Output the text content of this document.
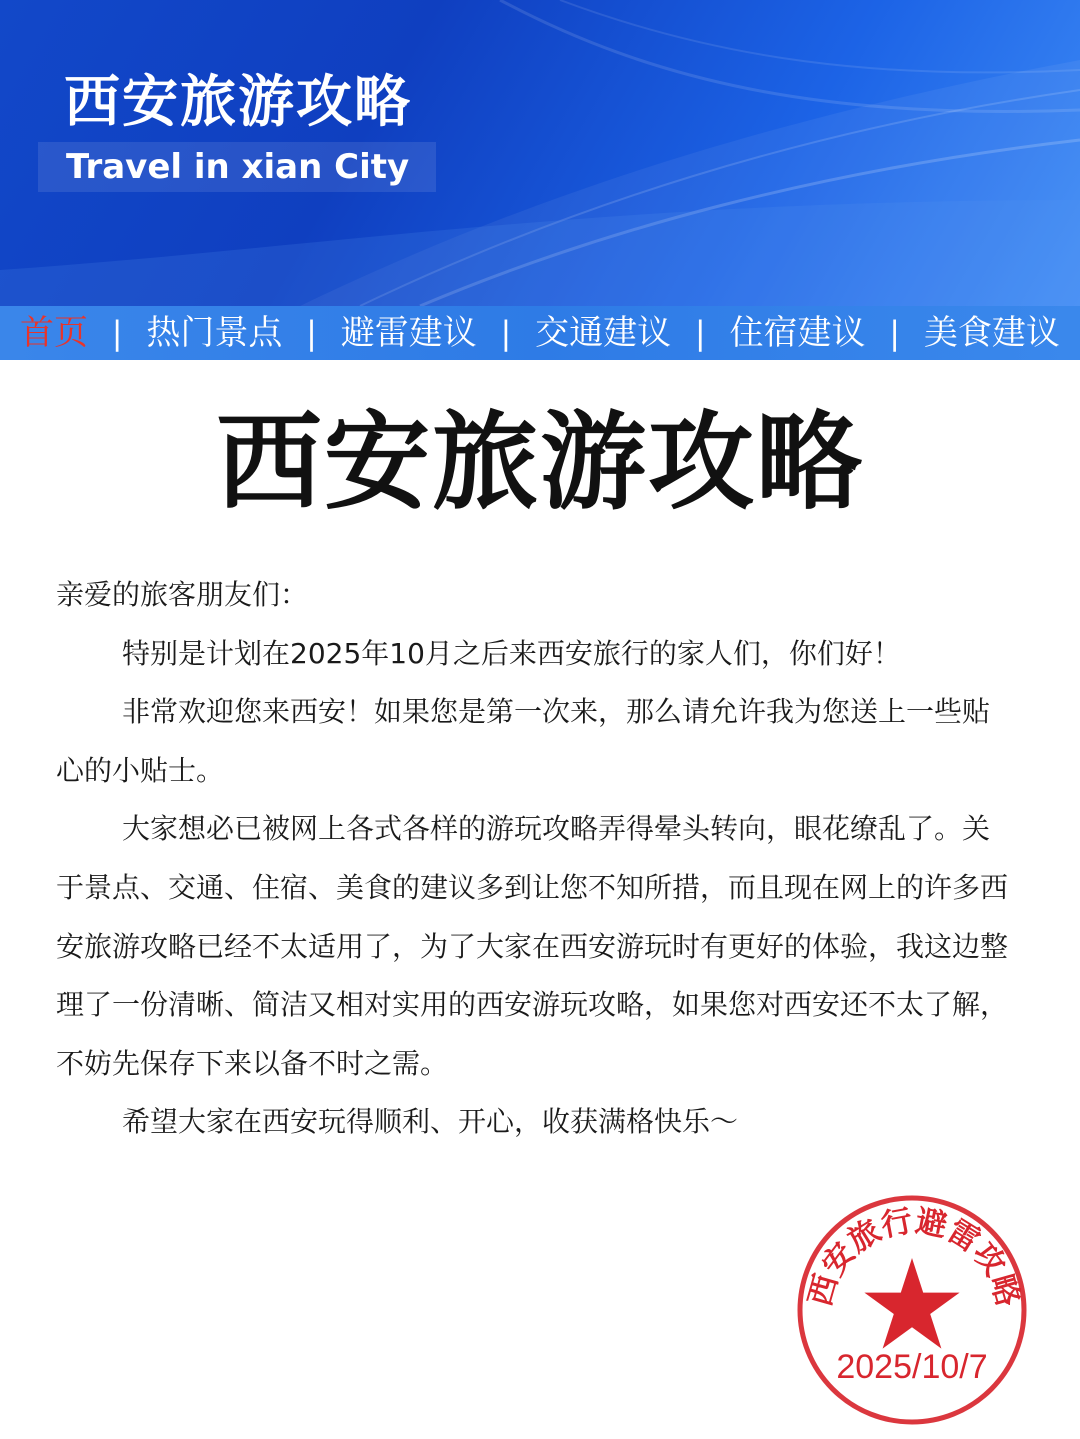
西安旅游攻略
Travel in xian City
首页 | 热门景点 | 避雷建议 | 交通建议 | 住宿建议 | 美食建议
西安旅游攻略

亲爱的旅客朋友们：

特别是计划在2025年10月之后来西安旅行的家人们，你们好！

非常欢迎您来西安！如果您是第一次来，那么请允许我为您送上一些贴心的小贴士。

大家想必已被网上各式各样的游玩攻略弄得晕头转向，眼花缭乱了。关于景点、交通、住宿、美食的建议多到让您不知所措，而且现在网上的许多西安旅游攻略已经不太适用了，为了大家在西安游玩时有更好的体验，我这边整理了一份清晰、简洁又相对实用的西安游玩攻略，如果您对西安还不太了解，不妨先保存下来以备不时之需。

希望大家在西安玩得顺利、开心，收获满格快乐～

西安旅行避雷攻略
2025/10/7
